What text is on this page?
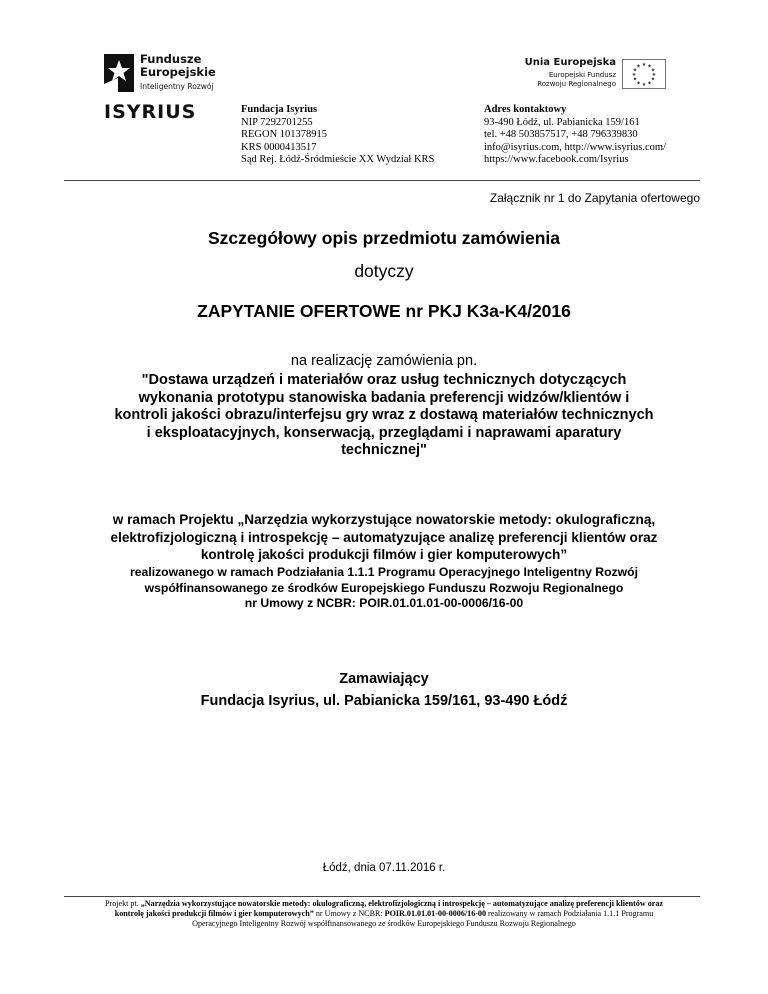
Fundusze
Europejskie
Inteligentny Rozwój
ISYRIUS
Unia Europejska
Europejski Fundusz
Rozwoju Regionalnego
★ ★
★
★
★
★
★
★
★
★
★
★
Fundacja Isyrius
NIP 7292701255
REGON 101378915
KRS 0000413517
Sąd Rej. Łódź-Śródmieście XX Wydział KRS
Adres kontaktowy
93-490 Łódź, ul. Pabianicka 159/161
tel. +48 503857517, +48 796339830
info@isyrius.com, http://www.isyrius.com/
https://www.facebook.com/Isyrius
Załącznik nr 1 do Zapytania ofertowego
Szczegółowy opis przedmiotu zamówienia
dotyczy
ZAPYTANIE OFERTOWE nr PKJ K3a-K4/2016
na realizację zamówienia pn.
"Dostawa urządzeń i materiałów oraz usług technicznych dotyczących
wykonania prototypu stanowiska badania preferencji widzów/klientów i
kontroli jakości obrazu/interfejsu gry wraz z dostawą materiałów technicznych
i eksploatacyjnych, konserwacją, przeglądami i naprawami aparatury
technicznej"
w ramach Projektu „Narzędzia wykorzystujące nowatorskie metody: okulograficzną,
elektrofizjologiczną i introspekcję – automatyzujące analizę preferencji klientów oraz
kontrolę jakości produkcji filmów i gier komputerowych”
realizowanego w ramach Podziałania 1.1.1 Programu Operacyjnego Inteligentny Rozwój
współfinansowanego ze środków Europejskiego Funduszu Rozwoju Regionalnego
nr Umowy z NCBR: POIR.01.01.01-00-0006/16-00
Zamawiający
Fundacja Isyrius, ul. Pabianicka 159/161, 93-490 Łódź
Łódź, dnia 07.11.2016 r.
Projekt pt. „Narzędzia wykorzystujące nowatorskie metody: okulograficzną, elektrofizjologiczną i introspekcję – automatyzujące analizę preferencji klientów oraz
kontrolę jakości produkcji filmów i gier komputerowych” nr Umowy z NCBR: POIR.01.01.01-00-0006/16-00 realizowany w ramach Podziałania 1.1.1 Programu
Operacyjnego Inteligentny Rozwój współfinansowanego ze środków Europejskiego Funduszu Rozwoju Regionalnego
